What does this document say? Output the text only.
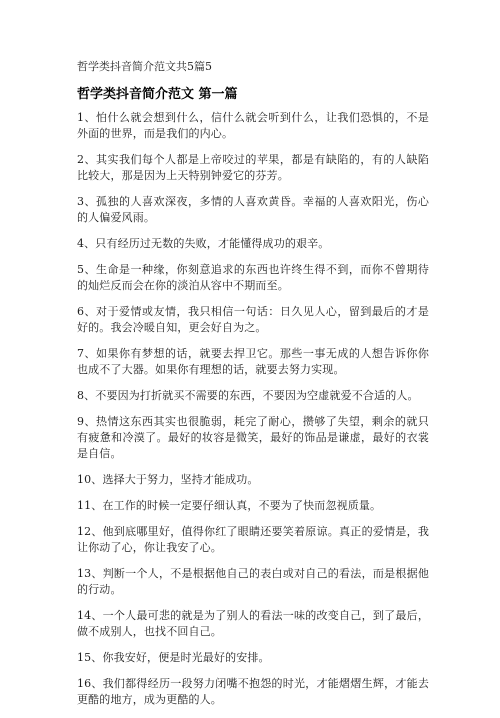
哲学类抖音简介范文共5篇5
哲学类抖音简介范文 第一篇
1、怕什么就会想到什么，信什么就会听到什么，让我们恐惧的，不是外面的世界，而是我们的内心。
2、其实我们每个人都是上帝咬过的苹果，都是有缺陷的，有的人缺陷比较大，那是因为上天特别钟爱它的芬芳。
3、孤独的人喜欢深夜，多情的人喜欢黄昏。幸福的人喜欢阳光，伤心的人偏爱风雨。
4、只有经历过无数的失败，才能懂得成功的艰辛。
5、生命是一种缘，你刻意追求的东西也许终生得不到，而你不曾期待的灿烂反而会在你的淡泊从容中不期而至。
6、对于爱情或友情，我只相信一句话：日久见人心，留到最后的才是好的。我会冷暖自知，更会好自为之。
7、如果你有梦想的话，就要去捍卫它。那些一事无成的人想告诉你你也成不了大器。如果你有理想的话，就要去努力实现。
8、不要因为打折就买不需要的东西，不要因为空虚就爱不合适的人。
9、热情这东西其实也很脆弱，耗完了耐心，攒够了失望，剩余的就只有疲惫和冷漠了。最好的妆容是微笑，最好的饰品是谦虚，最好的衣裳是自信。
10、选择大于努力，坚持才能成功。
11、在工作的时候一定要仔细认真，不要为了快而忽视质量。
12、他到底哪里好，值得你红了眼睛还要笑着原谅。真正的爱情是，我让你动了心，你让我安了心。
13、判断一个人，不是根据他自己的表白或对自己的看法，而是根据他的行动。
14、一个人最可悲的就是为了别人的看法一味的改变自己，到了最后，做不成别人，也找不回自己。
15、你我安好，便是时光最好的安排。
16、我们都得经历一段努力闭嘴不抱怨的时光，才能熠熠生辉，才能去更酷的地方，成为更酷的人。
